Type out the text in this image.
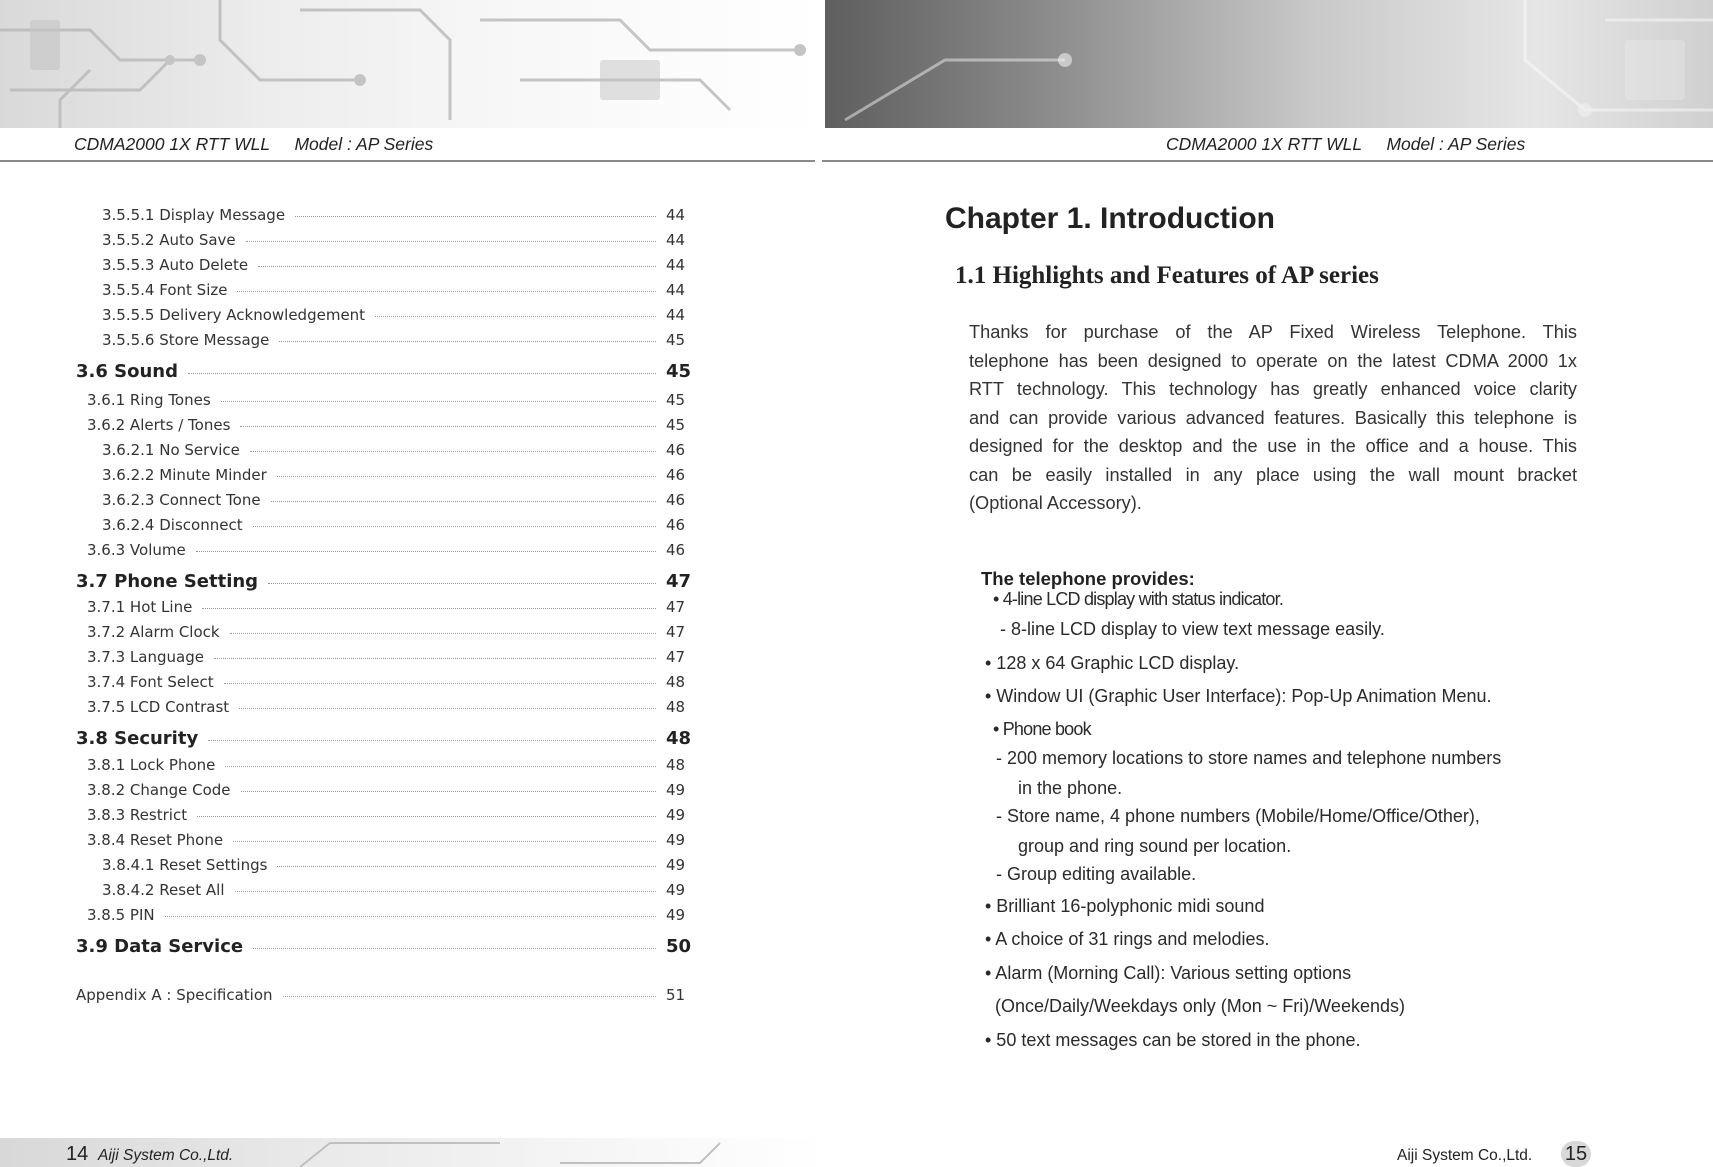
CDMA2000 1X RTT WLL Model : AP Series	CDMA2000 1X RTT WLL Model : AP Series
3.5.5.1 Display Message	44
3.5.5.2 Auto Save	44
3.5.5.3 Auto Delete	44
3.5.5.4 Font Size	44
3.5.5.5 Delivery Acknowledgement	44
3.5.5.6 Store Message	45
3.6 Sound	45
3.6.1 Ring Tones	45
3.6.2 Alerts / Tones	45
3.6.2.1 No Service	46
3.6.2.2 Minute Minder	46
3.6.2.3 Connect Tone	46
3.6.2.4 Disconnect	46
3.6.3 Volume	46
3.7 Phone Setting	47
3.7.1 Hot Line	47
3.7.2 Alarm Clock	47
3.7.3 Language	47
3.7.4 Font Select	48
3.7.5 LCD Contrast	48
3.8 Security	48
3.8.1 Lock Phone	48
3.8.2 Change Code	49
3.8.3 Restrict	49
3.8.4 Reset Phone	49
3.8.4.1 Reset Settings	49
3.8.4.2 Reset All	49
3.8.5 PIN	49
3.9 Data Service	50
Appendix A : Specification	51
Chapter 1. Introduction
1.1 Highlights and Features of AP series
Thanks for purchase of the AP Fixed Wireless Telephone. This
telephone has been designed to operate on the latest CDMA 2000 1x
RTT technology. This technology has greatly enhanced voice clarity
and can provide various advanced features. Basically this telephone is
designed for the desktop and the use in the office and a house. This
can be easily installed in any place using the wall mount bracket
(Optional Accessory).
The telephone provides:
• 4-line LCD display with status indicator.
- 8-line LCD display to view text message easily.
• 128 x 64 Graphic LCD display.
• Window UI (Graphic User Interface): Pop-Up Animation Menu.
• Phone book
- 200 memory locations to store names and telephone numbers
in the phone.
- Store name, 4 phone numbers (Mobile/Home/Office/Other),
group and ring sound per location.
- Group editing available.
• Brilliant 16-polyphonic midi sound
• A choice of 31 rings and melodies.
• Alarm (Morning Call): Various setting options
(Once/Daily/Weekdays only (Mon ~ Fri)/Weekends)
• 50 text messages can be stored in the phone.
14 Aiji System Co.,Ltd.	Aiji System Co.,Ltd. 15
